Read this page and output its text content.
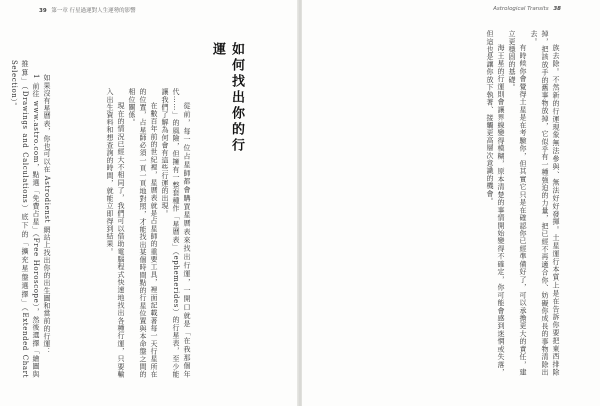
39 第一章 行星過運對人生運勢的影響
如何找出你的行運

從前，每一位占星師都會購買星曆表來找出行運，一開口就是「在我那個年代……」的風險，但擁有一整套種作「星曆表」（ephemerides）的行星表，至少能讓我們了解為何會有這些行運的出現。

在數百年前的世紀裡，星曆表就是占星師的重要工具，裡面記載著每一天行星所在的位置，占星師必須一頁一頁地對照，才能找出某個時間點的行星位置與本命盤之間的相位關係。

現在的情況已經大不相同了，我們可以借助電腦程式快速地找出各種行運，只要輸入出生資料和想查詢的時間，就能立即得到結果。

如果沒有星曆表，你也可以在 Astrodienst 網站上找出你的出生圖和當前的行運：

1 前往 www.astro.com，點選「免費占星」（Free Horoscope），然後選擇「繪圖與推算」（Drawings and Calculations）底下的「擴充星盤選擇」（Extended Chart Selection）。

Astrological Transits 38

族去除。不然新的行運現象無法參與、無法好好發揮。土星運行本質上是在告訴你要把東西排除掉，把該放手的舊事物放掉，它似乎有一種強迫的力量，把已經不再適合你、妨礙你成長的事物清除出去。

有時候你會覺得土星是在考驗你，但其實它只是在確認你已經準備好了，可以承擔更大的責任，建立更穩固的基礎。

海王星的行運則會讓界線變得模糊，原本清楚的事情開始變得不確定，你可能會感到迷惘或失落，但這也是讓你放下執著、接觸更高層次意識的機會。
